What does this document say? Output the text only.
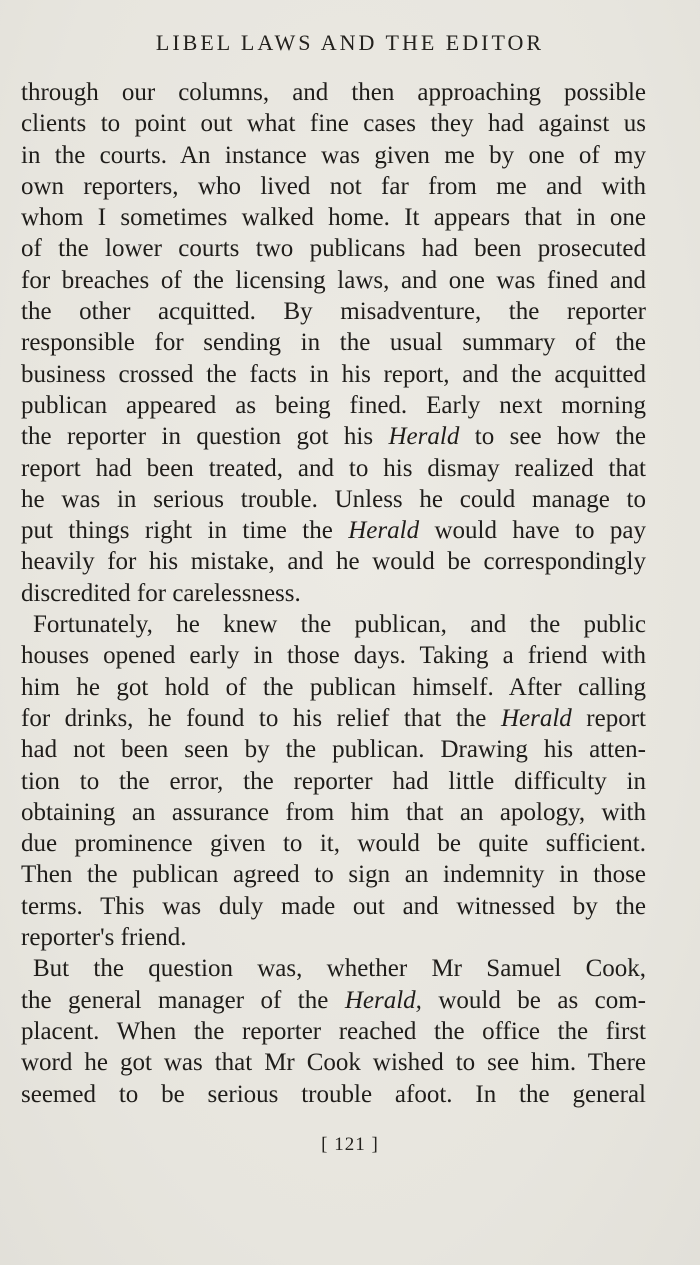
LIBEL LAWS AND THE EDITOR
through our columns, and then approaching possible
clients to point out what fine cases they had against us
in the courts. An instance was given me by one of my
own reporters, who lived not far from me and with
whom I sometimes walked home. It appears that in one
of the lower courts two publicans had been prosecuted
for breaches of the licensing laws, and one was fined and
the other acquitted. By misadventure, the reporter
responsible for sending in the usual summary of the
business crossed the facts in his report, and the acquitted
publican appeared as being fined. Early next morning
the reporter in question got his Herald to see how the
report had been treated, and to his dismay realized that
he was in serious trouble. Unless he could manage to
put things right in time the Herald would have to pay
heavily for his mistake, and he would be correspondingly
discredited for carelessness.
Fortunately, he knew the publican, and the public
houses opened early in those days. Taking a friend with
him he got hold of the publican himself. After calling
for drinks, he found to his relief that the Herald report
had not been seen by the publican. Drawing his atten-
tion to the error, the reporter had little difficulty in
obtaining an assurance from him that an apology, with
due prominence given to it, would be quite sufficient.
Then the publican agreed to sign an indemnity in those
terms. This was duly made out and witnessed by the
reporter's friend.
But the question was, whether Mr Samuel Cook,
the general manager of the Herald, would be as com-
placent. When the reporter reached the office the first
word he got was that Mr Cook wished to see him. There
seemed to be serious trouble afoot. In the general
[ 121 ]
